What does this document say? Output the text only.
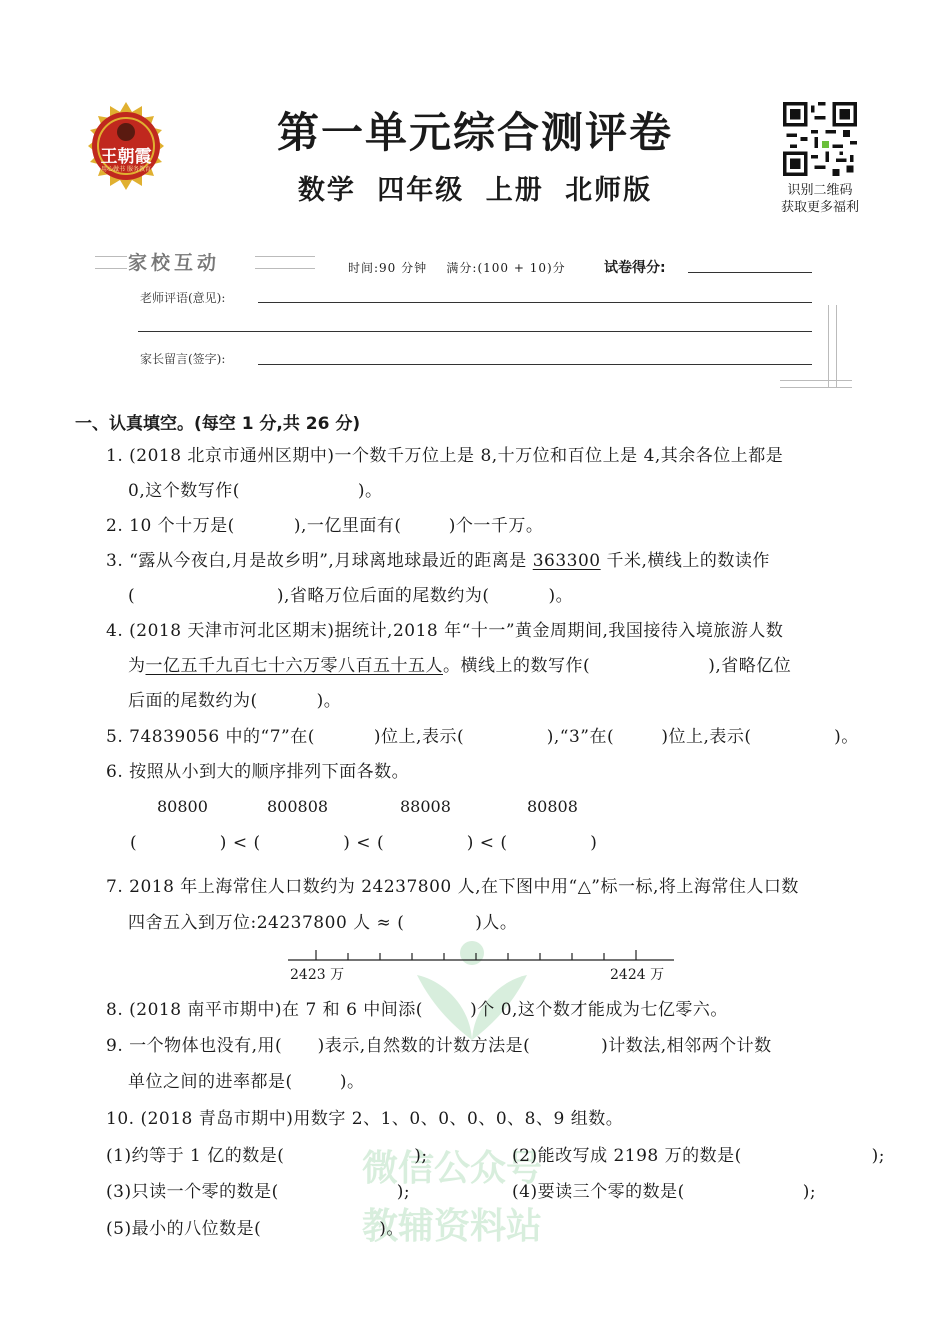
王朝霞
用心做书 服务教育
第一单元综合测评卷
数学 四年级 上册 北师版	识别二维码
获取更多福利
家校互动	时间:90 分钟 满分:(100 + 10)分	试卷得分:
老师评语(意见):
家长留言(签字):
微信公众号
教辅资料站
一、认真填空。(每空 1 分,共 26 分)
1. (2018 北京市通州区期中)一个数千万位上是 8,十万位和百位上是 4,其余各位上都是
0,这个数写作(                    )。
2. 10 个十万是(          ),一亿里面有(        )个一千万。
3. “露从今夜白,月是故乡明”,月球离地球最近的距离是 363300 千米,横线上的数读作
(                        ),省略万位后面的尾数约为(          )。
4. (2018 天津市河北区期末)据统计,2018 年“十一”黄金周期间,我国接待入境旅游人数
为一亿五千九百七十六万零八百五十五人。横线上的数写作(                    ),省略亿位
后面的尾数约为(          )。
5. 74839056 中的“7”在(          )位上,表示(              ),“3”在(        )位上,表示(              )。
6. 按照从小到大的顺序排列下面各数。
80800	800808	88008	80808
(              ) < (              ) < (              ) < (              )
7. 2018 年上海常住人口数约为 24237800 人,在下图中用“△”标一标,将上海常住人口数
四舍五入到万位:24237800 人 ≈ (            )人。
2423 万	2424 万
8. (2018 南平市期中)在 7 和 6 中间添(        )个 0,这个数才能成为七亿零六。
9. 一个物体也没有,用(      )表示,自然数的计数方法是(            )计数法,相邻两个计数
单位之间的进率都是(        )。
10. (2018 青岛市期中)用数字 2、1、0、0、0、0、8、9 组数。
(1)约等于 1 亿的数是(                      );	(2)能改写成 2198 万的数是(                      );
(3)只读一个零的数是(                    );	(4)要读三个零的数是(                    );
(5)最小的八位数是(                    )。
